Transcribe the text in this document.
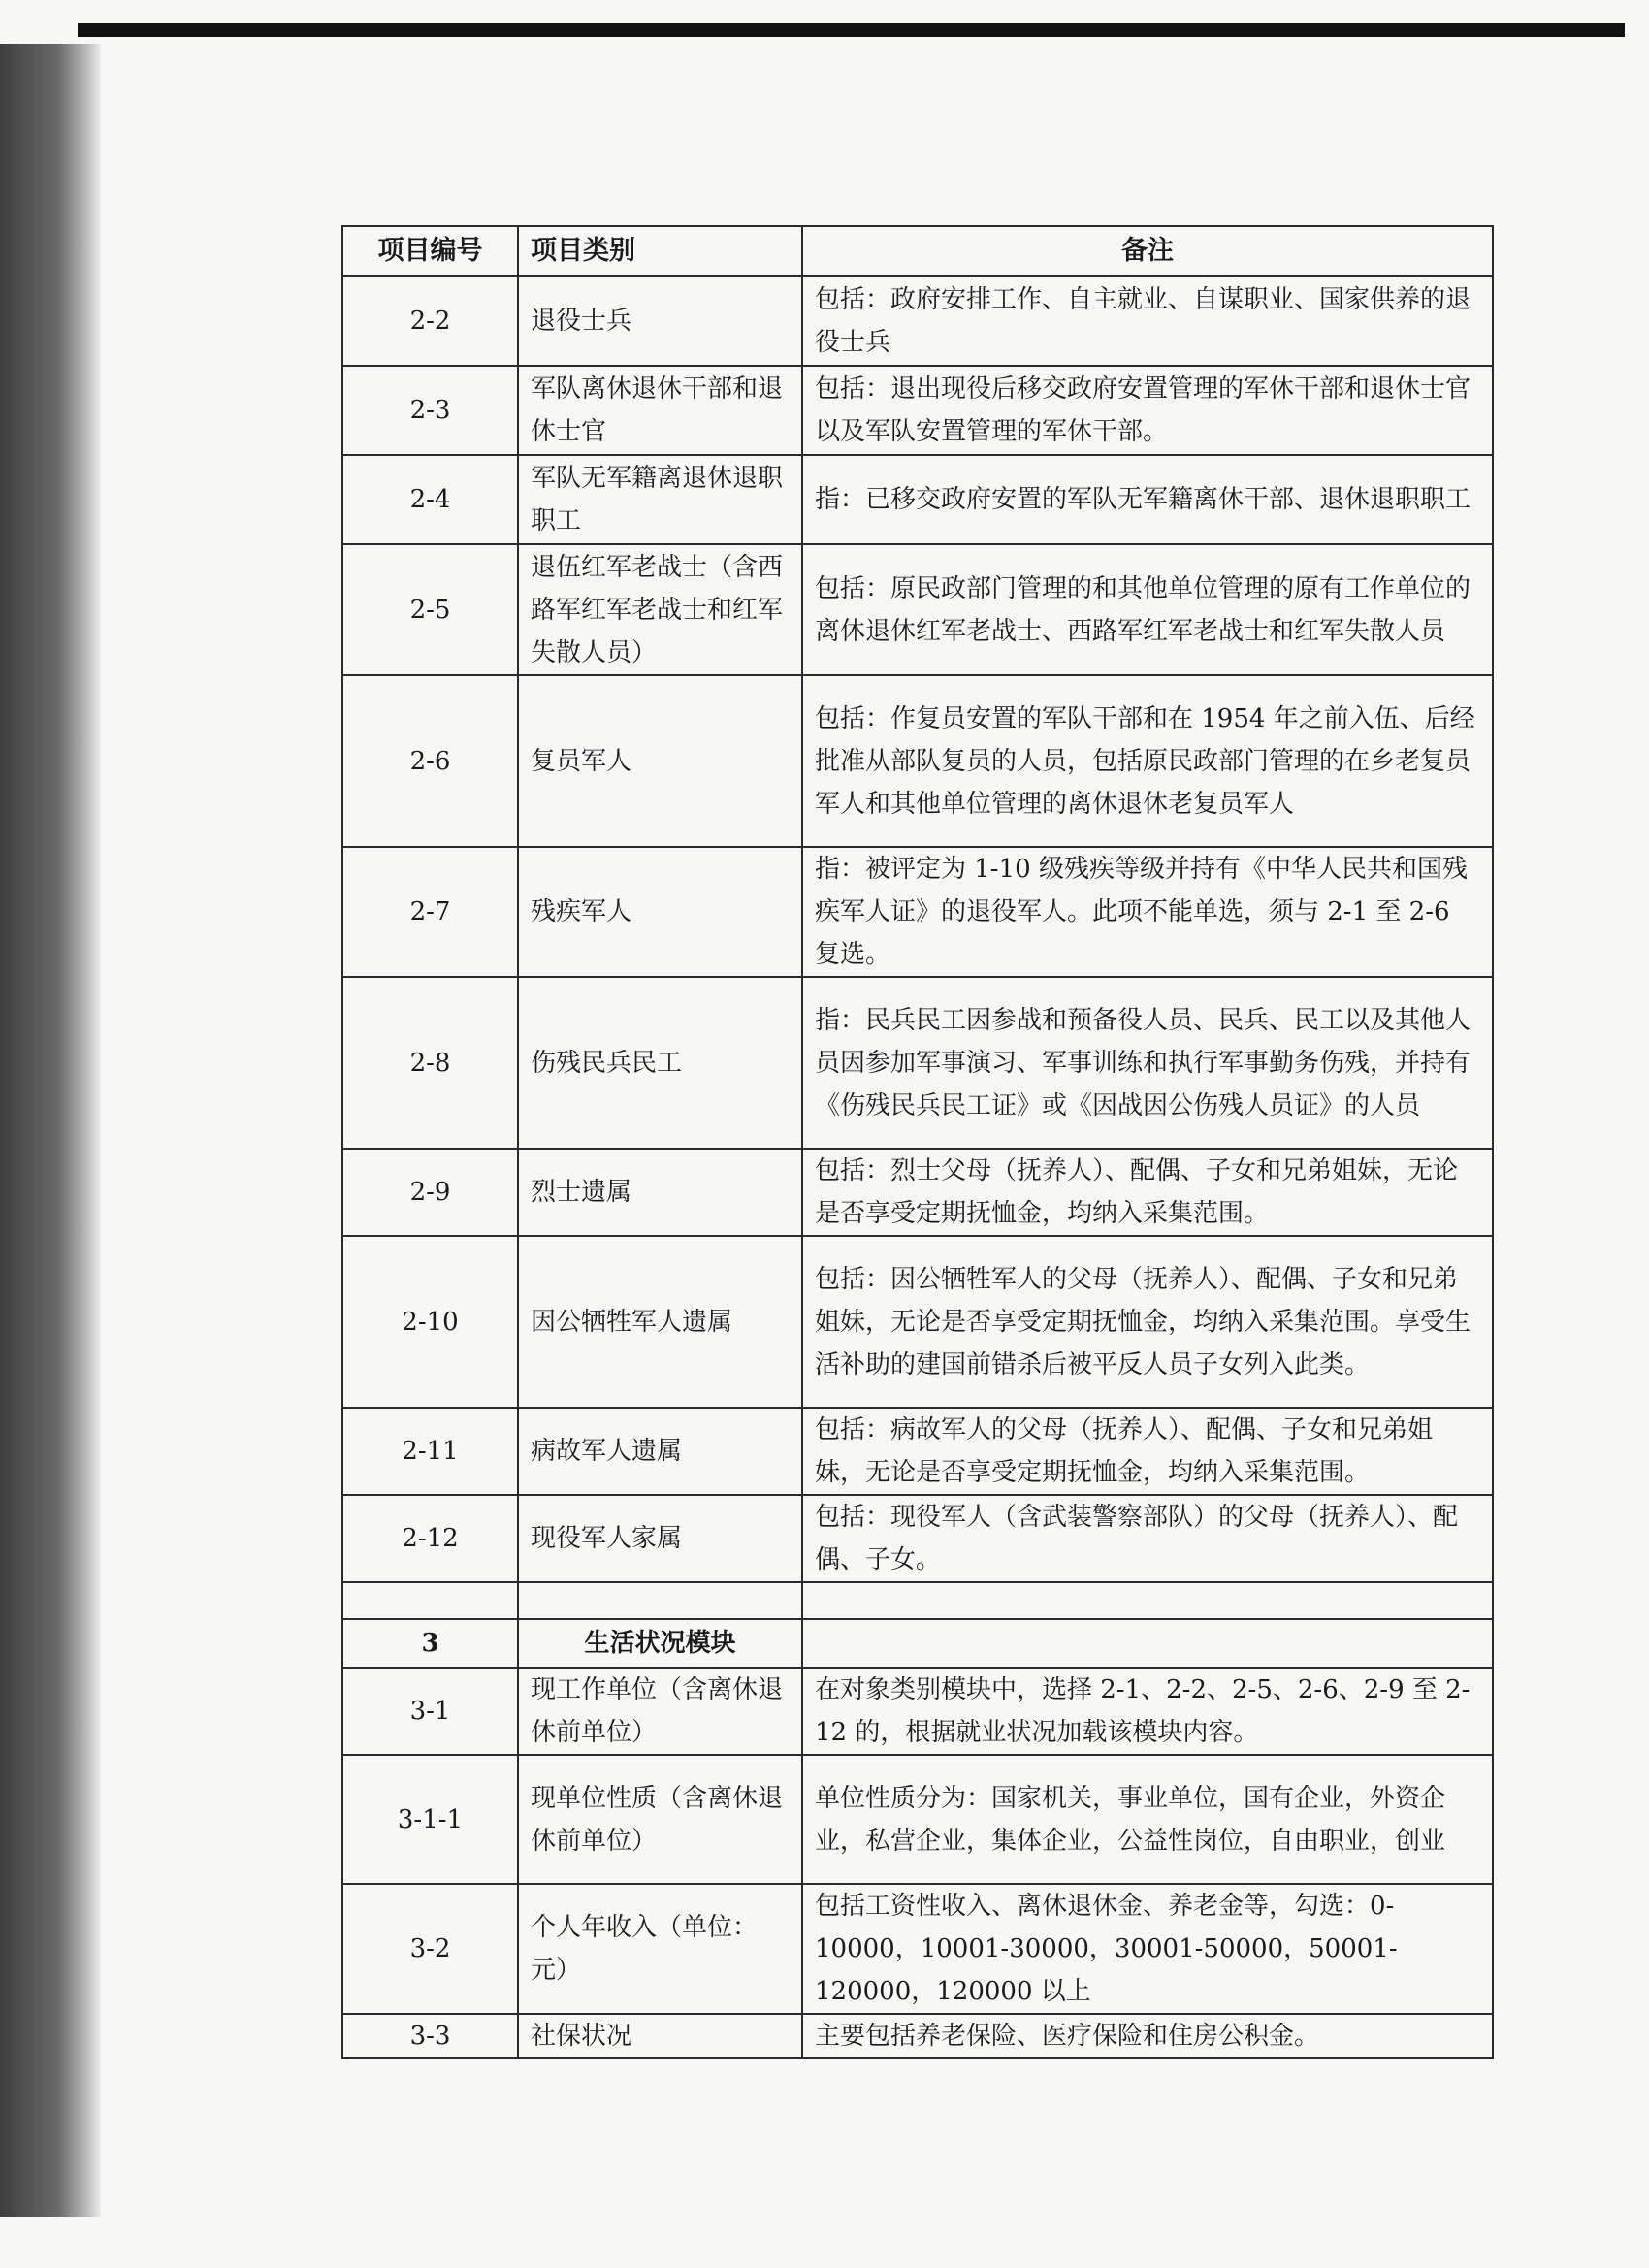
项目编号	项目类别	备注
2-2	退役士兵	包括：政府安排工作、自主就业、自谋职业、国家供养的退役士兵
2-3	军队离休退休干部和退休士官	包括：退出现役后移交政府安置管理的军休干部和退休士官以及军队安置管理的军休干部。
2-4	军队无军籍离退休退职职工	指：已移交政府安置的军队无军籍离休干部、退休退职职工
2-5	退伍红军老战士（含西路军红军老战士和红军失散人员）	包括：原民政部门管理的和其他单位管理的原有工作单位的离休退休红军老战士、西路军红军老战士和红军失散人员
2-6	复员军人	包括：作复员安置的军队干部和在 1954 年之前入伍、后经批准从部队复员的人员，包括原民政部门管理的在乡老复员军人和其他单位管理的离休退休老复员军人
2-7	残疾军人	指：被评定为 1-10 级残疾等级并持有《中华人民共和国残疾军人证》的退役军人。此项不能单选，须与 2-1 至 2-6 复选。
2-8	伤残民兵民工	指：民兵民工因参战和预备役人员、民兵、民工以及其他人员因参加军事演习、军事训练和执行军事勤务伤残，并持有《伤残民兵民工证》或《因战因公伤残人员证》的人员
2-9	烈士遗属	包括：烈士父母（抚养人）、配偶、子女和兄弟姐妹，无论是否享受定期抚恤金，均纳入采集范围。
2-10	因公牺牲军人遗属	包括：因公牺牲军人的父母（抚养人）、配偶、子女和兄弟姐妹，无论是否享受定期抚恤金，均纳入采集范围。享受生活补助的建国前错杀后被平反人员子女列入此类。
2-11	病故军人遗属	包括：病故军人的父母（抚养人）、配偶、子女和兄弟姐妹，无论是否享受定期抚恤金，均纳入采集范围。
2-12	现役军人家属	包括：现役军人（含武装警察部队）的父母（抚养人）、配偶、子女。

3	生活状况模块	
3-1	现工作单位（含离休退休前单位）	在对象类别模块中，选择 2-1、2-2、2-5、2-6、2-9 至 2-12 的，根据就业状况加载该模块内容。
3-1-1	现单位性质（含离休退休前单位）	单位性质分为：国家机关，事业单位，国有企业，外资企业，私营企业，集体企业，公益性岗位，自由职业，创业
3-2	个人年收入（单位：元）	包括工资性收入、离休退休金、养老金等，勾选：0-10000，10001-30000，30001-50000，50001-120000，120000 以上
3-3	社保状况	主要包括养老保险、医疗保险和住房公积金。
